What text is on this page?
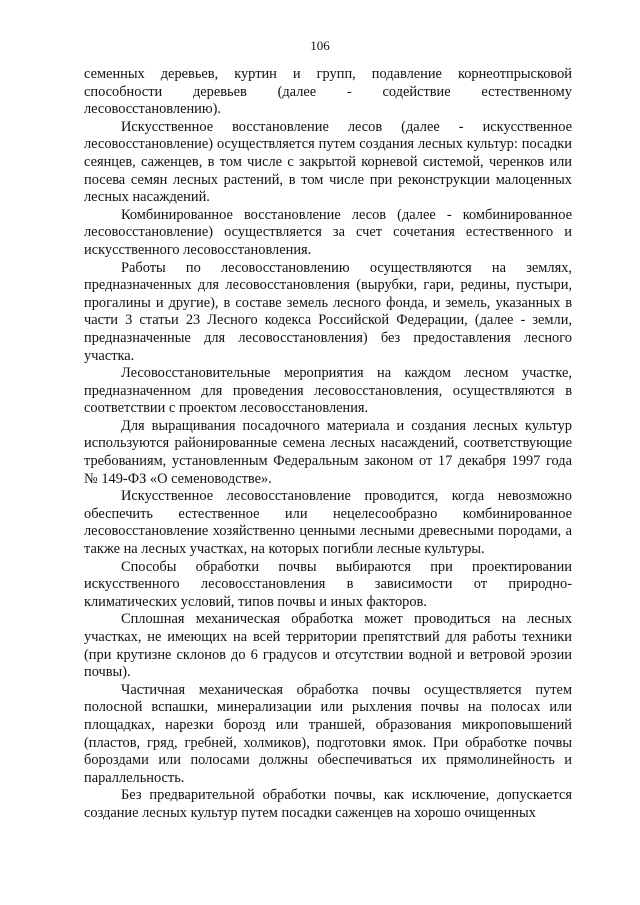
106

семенных деревьев, куртин и групп, подавление корнеотпрысковой способности деревьев (далее - содействие естественному лесовосстановлению).

Искусственное восстановление лесов (далее - искусственное лесовосстановление) осуществляется путем создания лесных культур: посадки сеянцев, саженцев, в том числе с закрытой корневой системой, черенков или посева семян лесных растений, в том числе при реконструкции малоценных лесных насаждений.

Комбинированное восстановление лесов (далее - комбинированное лесовосстановление) осуществляется за счет сочетания естественного и искусственного лесовосстановления.

Работы по лесовосстановлению осуществляются на землях, предназначенных для лесовосстановления (вырубки, гари, редины, пустыри, прогалины и другие), в составе земель лесного фонда, и земель, указанных в части 3 статьи 23 Лесного кодекса Российской Федерации, (далее - земли, предназначенные для лесовосстановления) без предоставления лесного участка.

Лесовосстановительные мероприятия на каждом лесном участке, предназначенном для проведения лесовосстановления, осуществляются в соответствии с проектом лесовосстановления.

Для выращивания посадочного материала и создания лесных культур используются районированные семена лесных насаждений, соответствующие требованиям, установленным Федеральным законом от 17 декабря 1997 года № 149-ФЗ «О семеноводстве».

Искусственное лесовосстановление проводится, когда невозможно обеспечить естественное или нецелесообразно комбинированное лесовосстановление хозяйственно ценными лесными древесными породами, а также на лесных участках, на которых погибли лесные культуры.

Способы обработки почвы выбираются при проектировании искусственного лесовосстановления в зависимости от природно-климатических условий, типов почвы и иных факторов.

Сплошная механическая обработка может проводиться на лесных участках, не имеющих на всей территории препятствий для работы техники (при крутизне склонов до 6 градусов и отсутствии водной и ветровой эрозии почвы).

Частичная механическая обработка почвы осуществляется путем полосной вспашки, минерализации или рыхления почвы на полосах или площадках, нарезки борозд или траншей, образования микроповышений (пластов, гряд, гребней, холмиков), подготовки ямок. При обработке почвы бороздами или полосами должны обеспечиваться их прямолинейность и параллельность.

Без предварительной обработки почвы, как исключение, допускается создание лесных культур путем посадки саженцев на хорошо очищенных
